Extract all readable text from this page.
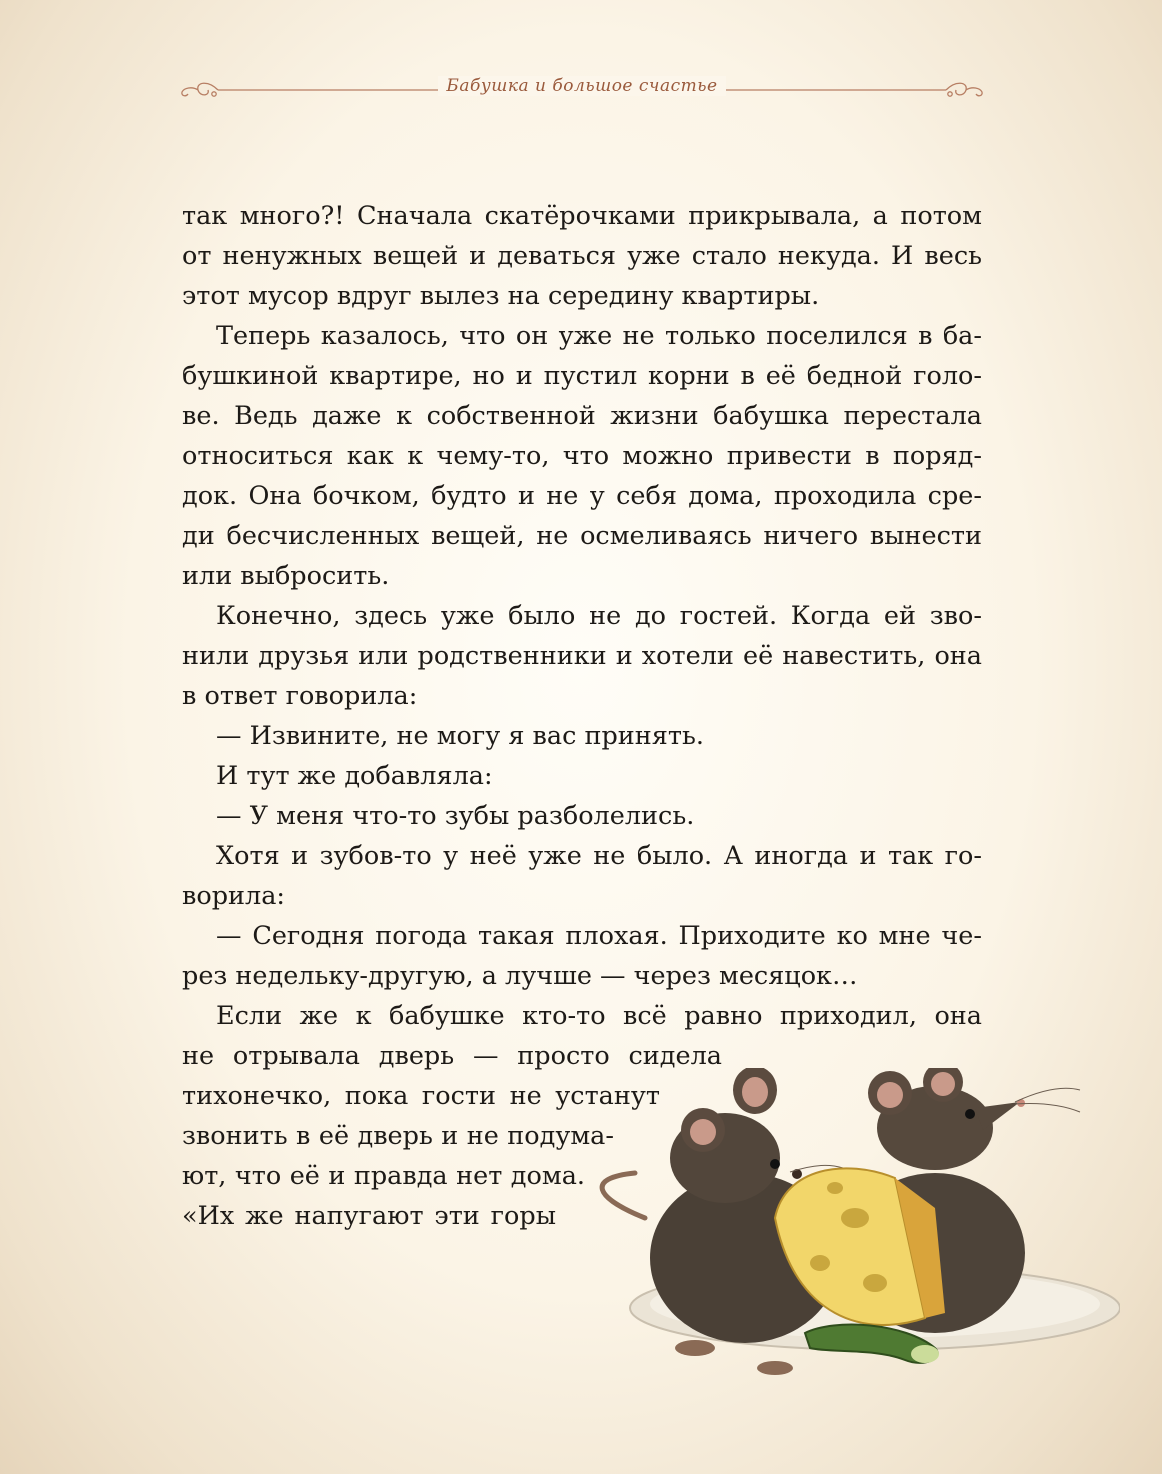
Бабушка и большое счастье
так много?! Сначала скатёрочками прикрывала, а потом
от ненужных вещей и деваться уже стало некуда. И весь
этот мусор вдруг вылез на середину квартиры.
Теперь казалось, что он уже не только поселился в ба-
бушкиной квартире, но и пустил корни в её бедной голо-
ве. Ведь даже к собственной жизни бабушка перестала
относиться как к чему-то, что можно привести в поряд-
док. Она бочком, будто и не у себя дома, проходила сре-
ди бесчисленных вещей, не осмеливаясь ничего вынести
или выбросить.
Конечно, здесь уже было не до гостей. Когда ей зво-
нили друзья или родственники и хотели её навестить, она
в ответ говорила:
— Извините, не могу я вас принять.
И тут же добавляла:
— У меня что-то зубы разболелись.
Хотя и зубов-то у неё уже не было. А иногда и так го-
ворила:
— Сегодня погода такая плохая. Приходите ко мне че-
рез недельку-другую, а лучше — через месяцок…
Если же к бабушке кто-то всё равно приходил, она
не отрывала дверь — просто сидела
тихонечко, пока гости не устанут
звонить в её дверь и не подума-
ют, что её и правда нет дома.
«Их же напугают эти горы
